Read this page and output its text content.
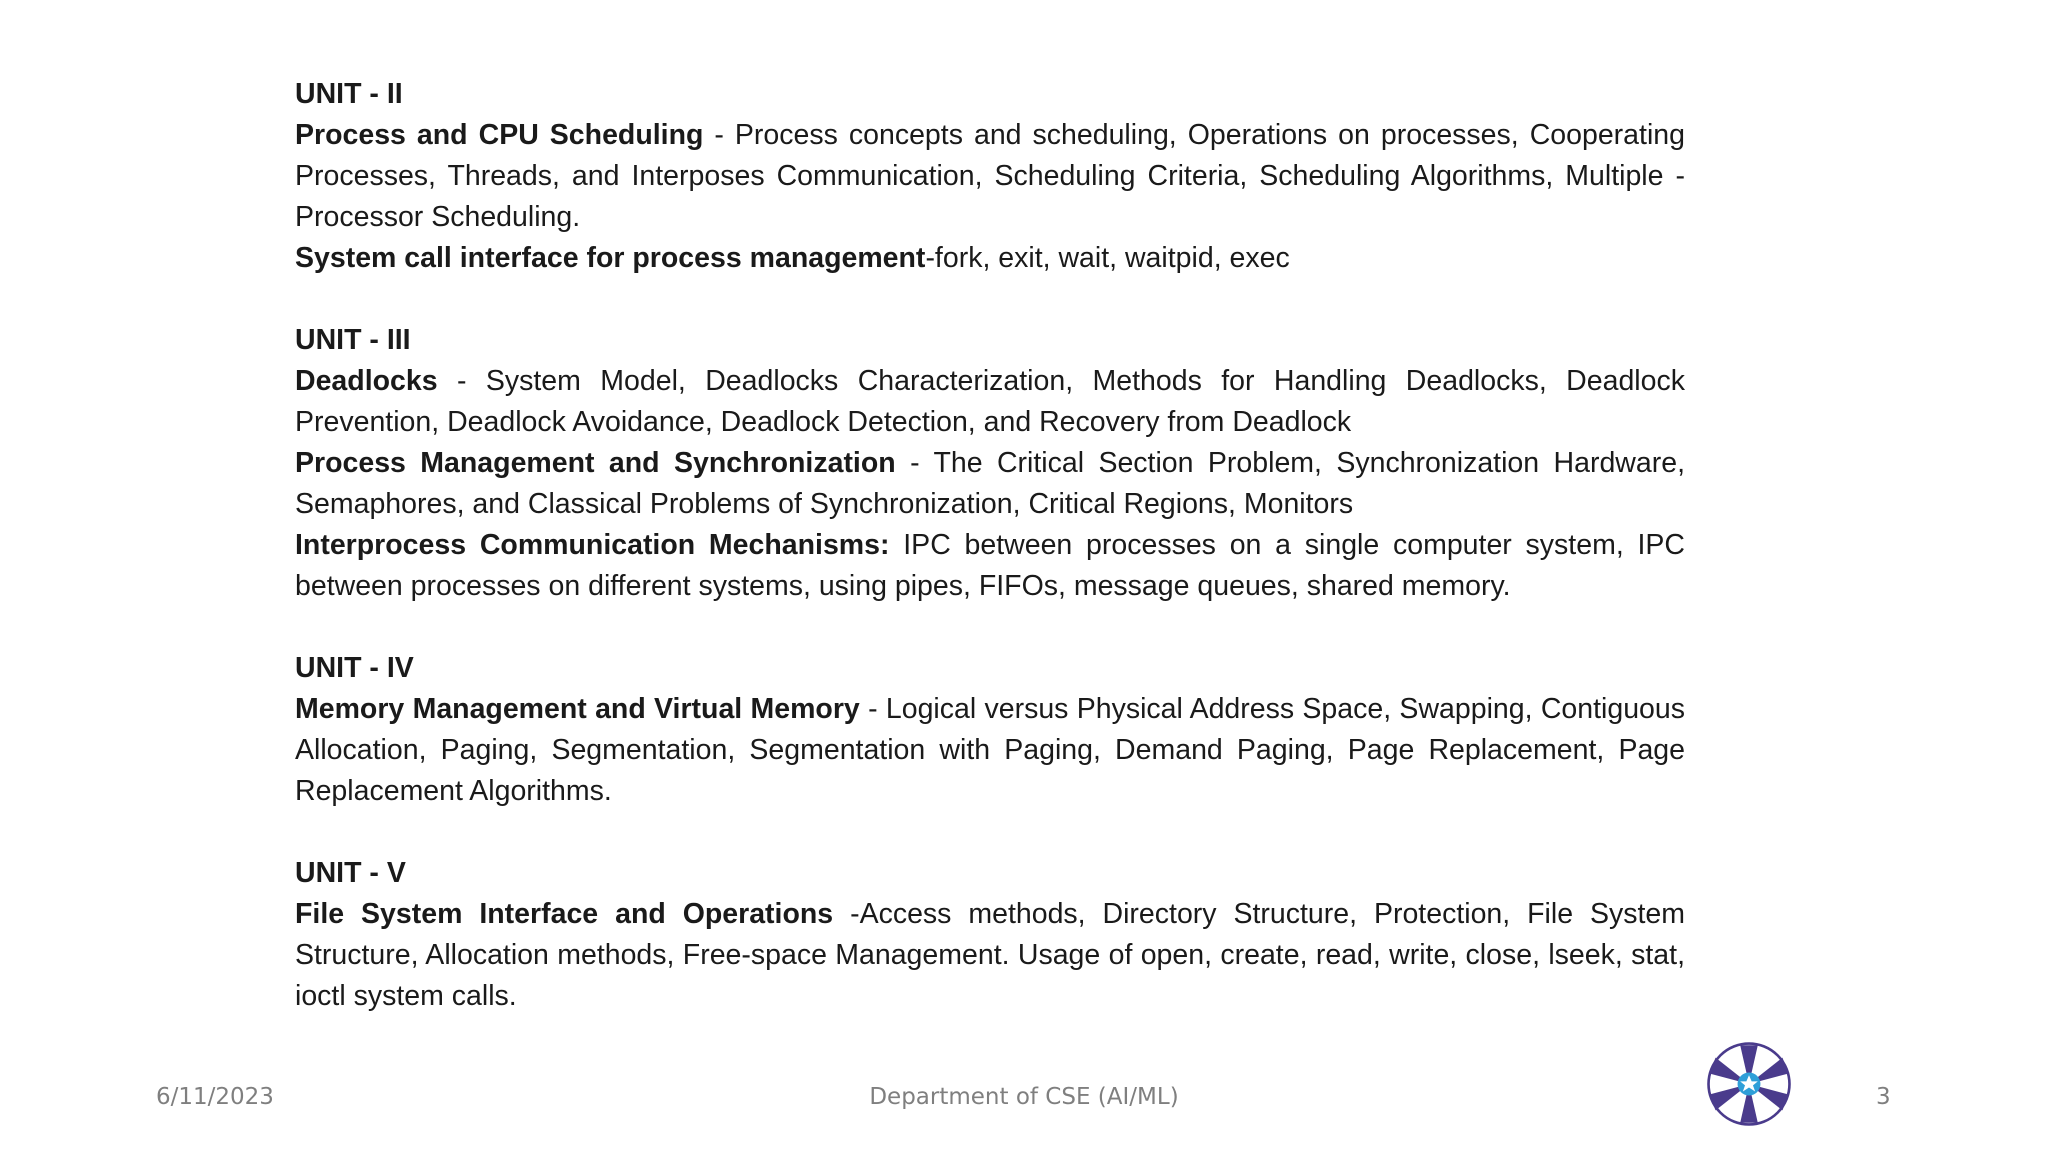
UNIT - II

Process and CPU Scheduling - Process concepts and scheduling, Operations on processes, Cooperating Processes, Threads, and Interposes Communication, Scheduling Criteria, Scheduling Algorithms, Multiple -Processor Scheduling.

System call interface for process management-fork, exit, wait, waitpid, exec

UNIT - III

Deadlocks - System Model, Deadlocks Characterization, Methods for Handling Deadlocks, Deadlock Prevention, Deadlock Avoidance, Deadlock Detection, and Recovery from Deadlock

Process Management and Synchronization - The Critical Section Problem, Synchronization Hardware, Semaphores, and Classical Problems of Synchronization, Critical Regions, Monitors

Interprocess Communication Mechanisms: IPC between processes on a single computer system, IPC between processes on different systems, using pipes, FIFOs, message queues, shared memory.

UNIT - IV

Memory Management and Virtual Memory - Logical versus Physical Address Space, Swapping, Contiguous Allocation, Paging, Segmentation, Segmentation with Paging, Demand Paging, Page Replacement, Page Replacement Algorithms.

UNIT - V

File System Interface and Operations -Access methods, Directory Structure, Protection, File System Structure, Allocation methods, Free-space Management. Usage of open, create, read, write, close, lseek, stat, ioctl system calls.

6/11/2023	Department of CSE (AI/ML)	3
